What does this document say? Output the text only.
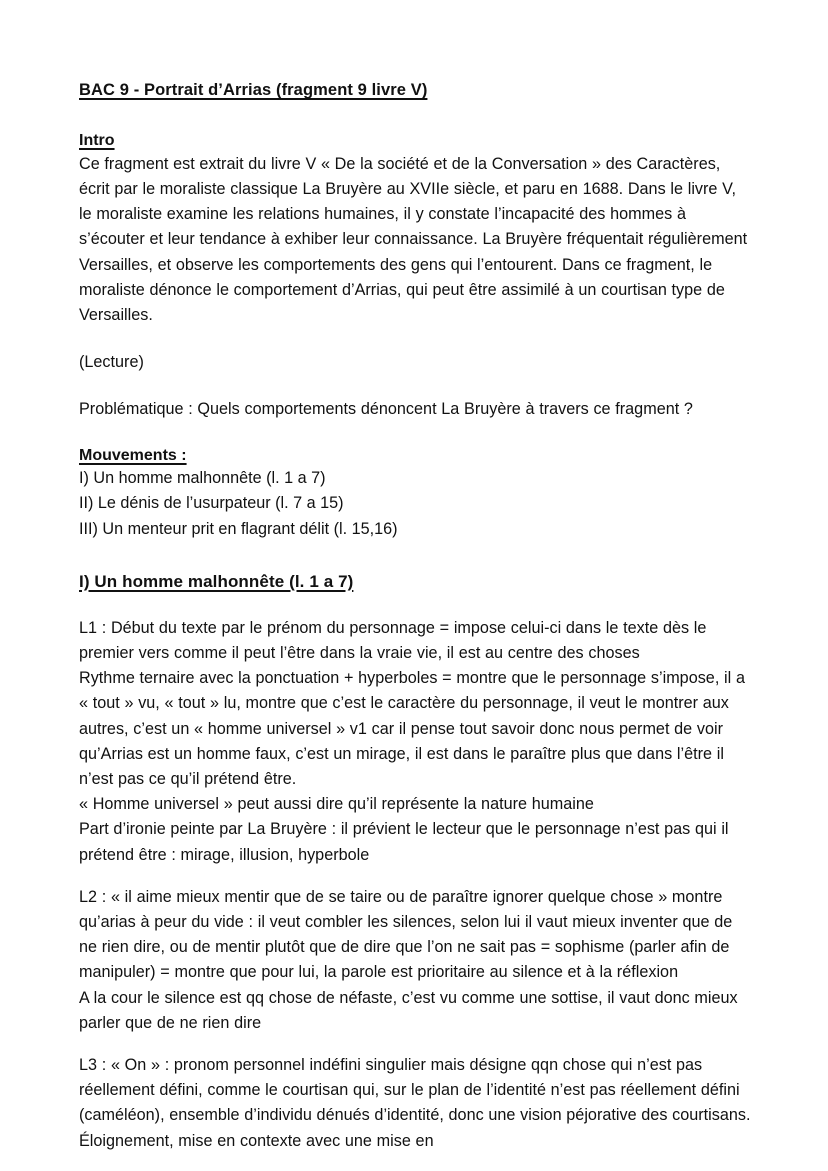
BAC 9 - Portrait d’Arrias (fragment 9 livre V)
Intro

Ce fragment est extrait du livre V « De la société et de la Conversation » des Caractères, écrit par le moraliste classique La Bruyère au XVIIe siècle, et paru en 1688. Dans le livre V, le moraliste examine les relations humaines, il y constate l’incapacité des hommes à s’écouter et leur tendance à exhiber leur connaissance. La Bruyère fréquentait régulièrement Versailles, et observe les comportements des gens qui l’entourent. Dans ce fragment, le moraliste dénonce le comportement d’Arrias, qui peut être assimilé à un courtisan type de Versailles.

(Lecture)

Problématique : Quels comportements dénoncent La Bruyère à travers ce fragment ?

Mouvements :
I) Un homme malhonnête (l. 1 a 7)
II) Le dénis de l’usurpateur (l. 7 a 15)
III) Un menteur prit en flagrant délit (l. 15,16)
I) Un homme malhonnête (l. 1 a 7)

L1 : Début du texte par le prénom du personnage = impose celui-ci dans le texte dès le premier vers comme il peut l’être dans la vraie vie, il est au centre des choses

Rythme ternaire avec la ponctuation + hyperboles = montre que le personnage s’impose, il a « tout » vu, « tout » lu, montre que c’est le caractère du personnage, il veut le montrer aux autres, c’est un « homme universel » v1 car il pense tout savoir donc nous permet de voir qu’Arrias est un homme faux, c’est un mirage, il est dans le paraître plus que dans l’être il n’est pas ce qu’il prétend être.

« Homme universel » peut aussi dire qu’il représente la nature humaine

Part d’ironie peinte par La Bruyère : il prévient le lecteur que le personnage n’est pas qui il prétend être : mirage, illusion, hyperbole

L2 : « il aime mieux mentir que de se taire ou de paraître ignorer quelque chose » montre qu’arias à peur du vide : il veut combler les silences, selon lui il vaut mieux inventer que de ne rien dire, ou de mentir plutôt que de dire que l’on ne sait pas = sophisme (parler afin de manipuler) = montre que pour lui, la parole est prioritaire au silence et à la réflexion

A la cour le silence est qq chose de néfaste, c’est vu comme une sottise, il vaut donc mieux parler que de ne rien dire

L3 : « On » : pronom personnel indéfini singulier mais désigne qqn chose qui n’est pas réellement défini, comme le courtisan qui, sur le plan de l’identité n’est pas réellement défini (caméléon), ensemble d’individu dénués d’identité, donc une vision péjorative des courtisans. Éloignement, mise en contexte avec une mise en
